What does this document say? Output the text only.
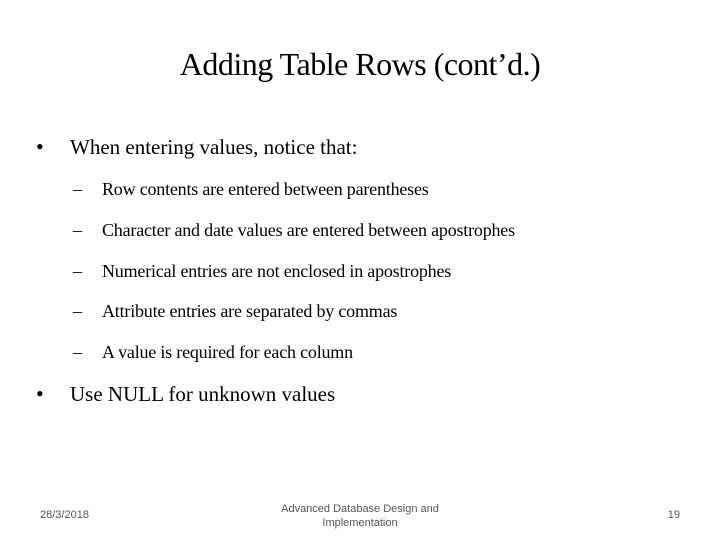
Adding Table Rows (cont’d.)
• When entering values, notice that:
– Row contents are entered between parentheses
– Character and date values are entered between apostrophes
– Numerical entries are not enclosed in apostrophes
– Attribute entries are separated by commas
– A value is required for each column
• Use NULL for unknown values
28/3/2018	Advanced Database Design and
Implementation
19
